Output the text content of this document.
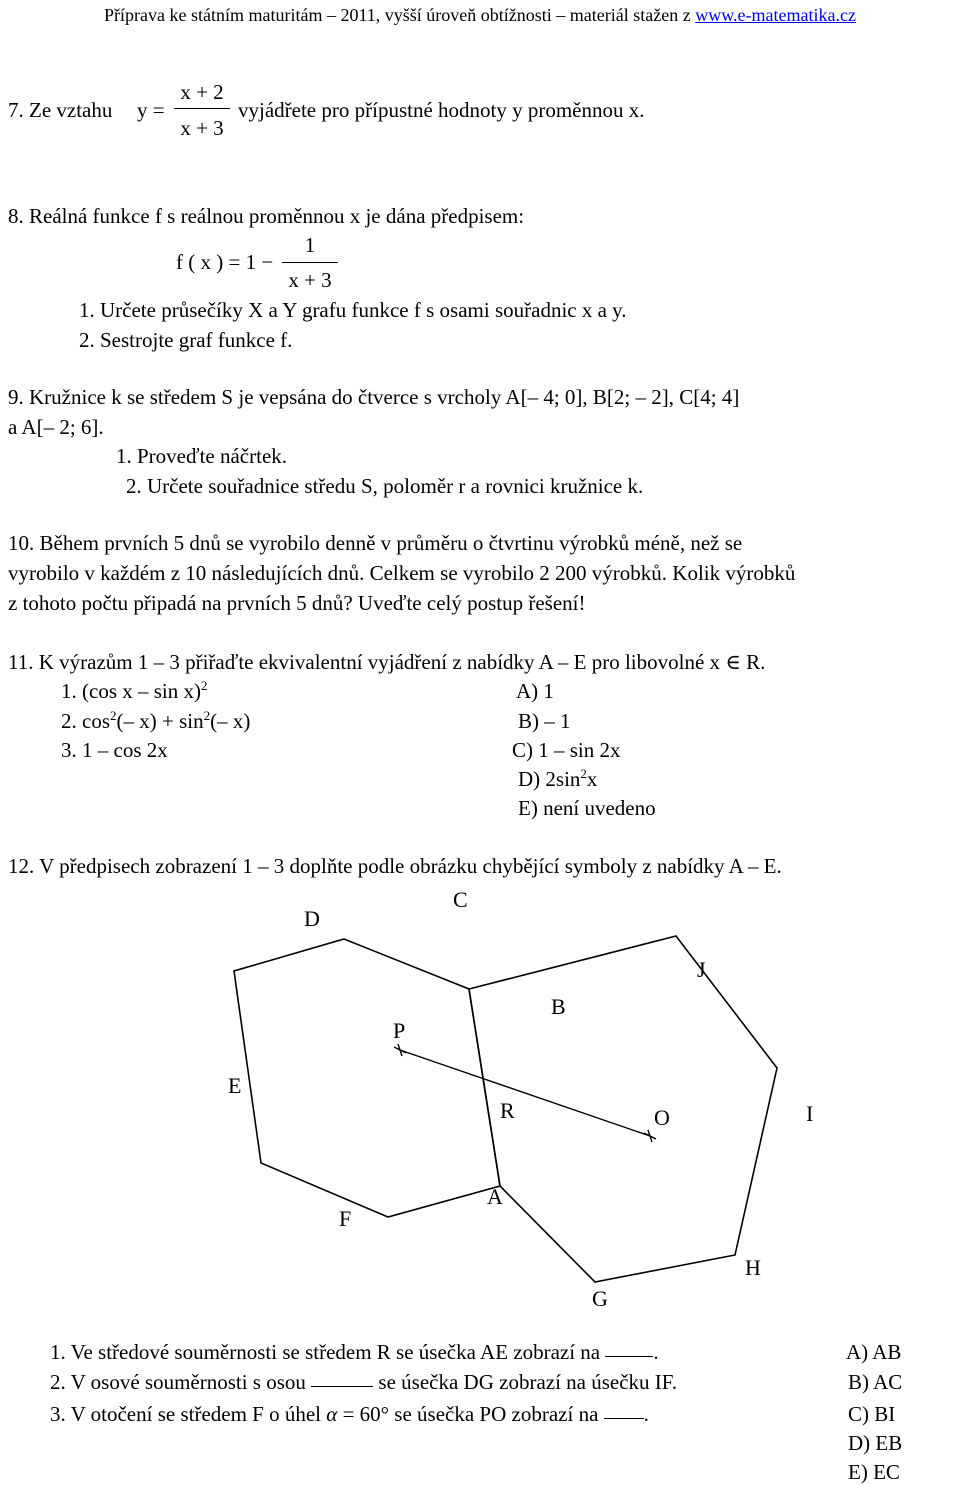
Příprava ke státním maturitám – 2011, vyšší úroveň obtížnosti – materiál stažen z www.e-matematika.cz
7. Ze vztahu y =
x + 2
x + 3
vyjádřete pro přípustné hodnoty y proměnnou x.
8. Reálná funkce f s reálnou proměnnou x je dána předpisem:
f ( x ) = 1 −
1
x + 3
1. Určete průsečíky X a Y grafu funkce f s osami souřadnic x a y.
2. Sestrojte graf funkce f.
9. Kružnice k se středem S je vepsána do čtverce s vrcholy A[– 4; 0], B[2; – 2], C[4; 4]
a A[– 2; 6].
1. Proveďte náčrtek.
2. Určete souřadnice středu S, poloměr r a rovnici kružnice k.
10. Během prvních 5 dnů se vyrobilo denně v průměru o čtvrtinu výrobků méně, než se
vyrobilo v každém z 10 následujících dnů. Celkem se vyrobilo 2 200 výrobků. Kolik výrobků
z tohoto počtu připadá na prvních 5 dnů? Uveďte celý postup řešení!
11. K výrazům 1 – 3 přiřaďte ekvivalentní vyjádření z nabídky A – E pro libovolné x ∈ R.
1. (cos x – sin x)$^2$
2. $\cos^2(-$ $x) + \sin^2(-$ x)
3. 1 – cos 2x
A) 1
B) – 1
C) 1 – sin 2x
D) $2\sin^2x$
E) není uvedeno
12. V předpisech zobrazení 1 – 3 doplňte podle obrázku chybějící symboly z nabídky A – E.
C
D
J
B
P
E
R	O	I
A
F
H
G
1. Ve středové souměrnosti se středem R se úsečka AE zobrazí na	.
2. V osové souměrnosti s osou	se úsečka DG zobrazí na úsečku IF.
3. V otočení se středem F o úhel α = 60° se úsečka PO zobrazí na .
A) AB
B) AC
C) BI
D) EB
E) EC
